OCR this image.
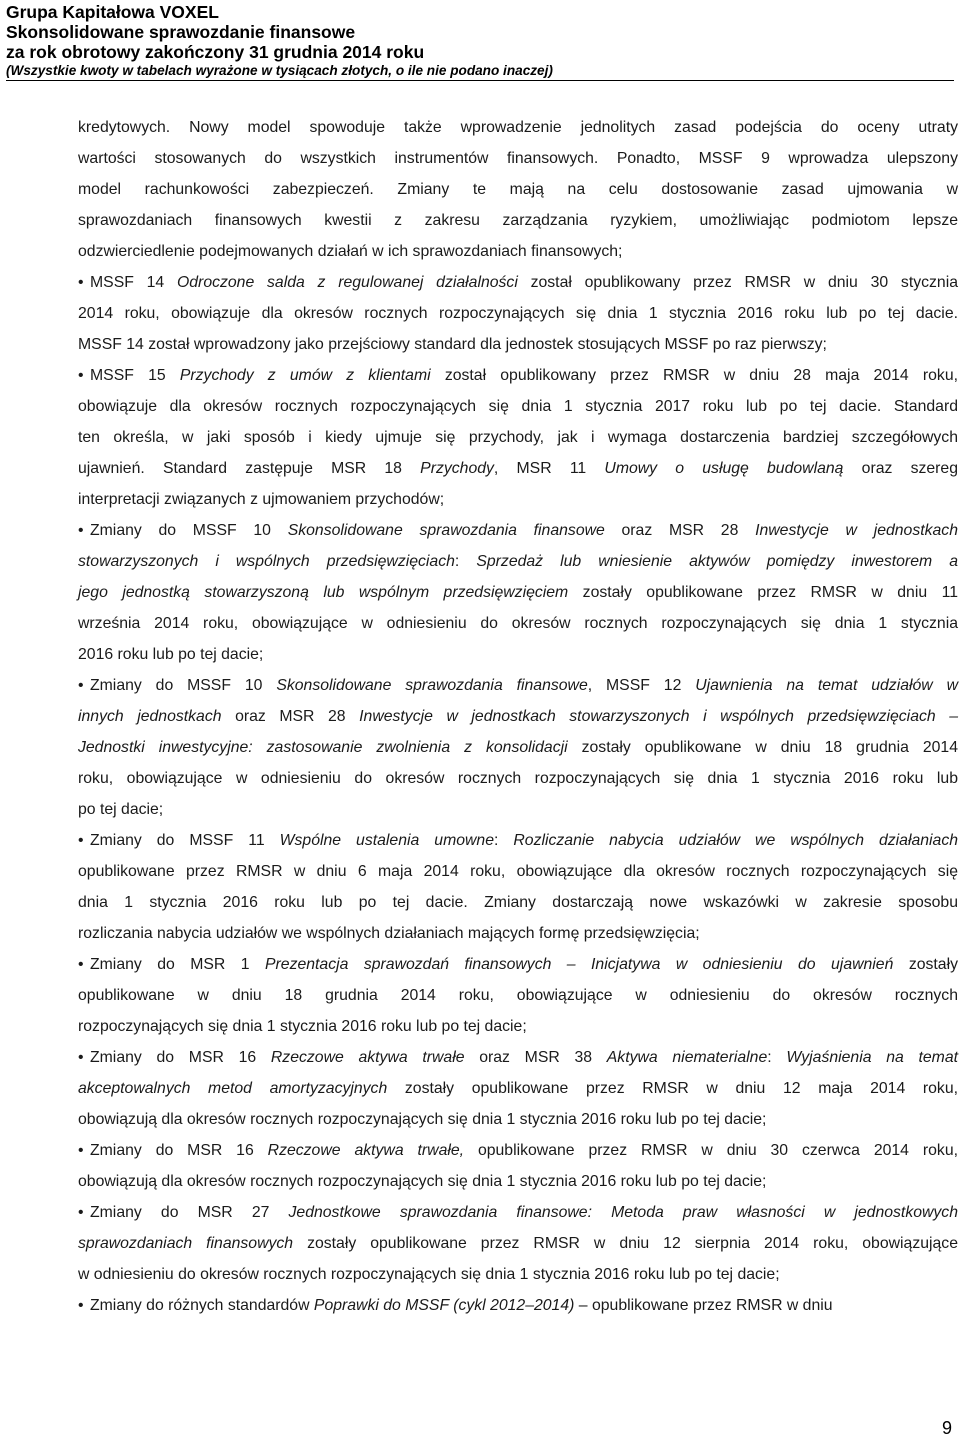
Grupa Kapitałowa VOXEL
Skonsolidowane sprawozdanie finansowe
za rok obrotowy zakończony 31 grudnia 2014 roku
(Wszystkie kwoty w tabelach wyrażone w tysiącach złotych, o ile nie podano inaczej)
kredytowych. Nowy model spowoduje także wprowadzenie jednolitych zasad podejścia do oceny utraty
wartości stosowanych do wszystkich instrumentów finansowych. Ponadto, MSSF 9 wprowadza ulepszony
model rachunkowości zabezpieczeń. Zmiany te mają na celu dostosowanie zasad ujmowania w
sprawozdaniach finansowych kwestii z zakresu zarządzania ryzykiem, umożliwiając podmiotom lepsze
odzwierciedlenie podejmowanych działań w ich sprawozdaniach finansowych;
• MSSF 14 Odroczone salda z regulowanej działalności został opublikowany przez RMSR w dniu 30 stycznia
2014 roku, obowiązuje dla okresów rocznych rozpoczynających się dnia 1 stycznia 2016 roku lub po tej dacie.
MSSF 14 został wprowadzony jako przejściowy standard dla jednostek stosujących MSSF po raz pierwszy;
• MSSF 15 Przychody z umów z klientami został opublikowany przez RMSR w dniu 28 maja 2014 roku,
obowiązuje dla okresów rocznych rozpoczynających się dnia 1 stycznia 2017 roku lub po tej dacie. Standard
ten określa, w jaki sposób i kiedy ujmuje się przychody, jak i wymaga dostarczenia bardziej szczegółowych
ujawnień. Standard zastępuje MSR 18 Przychody, MSR 11 Umowy o usługę budowlaną oraz szereg
interpretacji związanych z ujmowaniem przychodów;
• Zmiany do MSSF 10 Skonsolidowane sprawozdania finansowe oraz MSR 28 Inwestycje w jednostkach
stowarzyszonych i wspólnych przedsięwzięciach: Sprzedaż lub wniesienie aktywów pomiędzy inwestorem a
jego jednostką stowarzyszoną lub wspólnym przedsięwzięciem zostały opublikowane przez RMSR w dniu 11
września 2014 roku, obowiązujące w odniesieniu do okresów rocznych rozpoczynających się dnia 1 stycznia
2016 roku lub po tej dacie;
• Zmiany do MSSF 10 Skonsolidowane sprawozdania finansowe, MSSF 12 Ujawnienia na temat udziałów w
innych jednostkach oraz MSR 28 Inwestycje w jednostkach stowarzyszonych i wspólnych przedsięwzięciach –
Jednostki inwestycyjne: zastosowanie zwolnienia z konsolidacji zostały opublikowane w dniu 18 grudnia 2014
roku, obowiązujące w odniesieniu do okresów rocznych rozpoczynających się dnia 1 stycznia 2016 roku lub
po tej dacie;
• Zmiany do MSSF 11 Wspólne ustalenia umowne: Rozliczanie nabycia udziałów we wspólnych działaniach
opublikowane przez RMSR w dniu 6 maja 2014 roku, obowiązujące dla okresów rocznych rozpoczynających się
dnia 1 stycznia 2016 roku lub po tej dacie. Zmiany dostarczają nowe wskazówki w zakresie sposobu
rozliczania nabycia udziałów we wspólnych działaniach mających formę przedsięwzięcia;
• Zmiany do MSR 1 Prezentacja sprawozdań finansowych – Inicjatywa w odniesieniu do ujawnień zostały
opublikowane w dniu 18 grudnia 2014 roku, obowiązujące w odniesieniu do okresów rocznych
rozpoczynających się dnia 1 stycznia 2016 roku lub po tej dacie;
• Zmiany do MSR 16 Rzeczowe aktywa trwałe oraz MSR 38 Aktywa niematerialne: Wyjaśnienia na temat
akceptowalnych metod amortyzacyjnych zostały opublikowane przez RMSR w dniu 12 maja 2014 roku,
obowiązują dla okresów rocznych rozpoczynających się dnia 1 stycznia 2016 roku lub po tej dacie;
• Zmiany do MSR 16 Rzeczowe aktywa trwałe, opublikowane przez RMSR w dniu 30 czerwca 2014 roku,
obowiązują dla okresów rocznych rozpoczynających się dnia 1 stycznia 2016 roku lub po tej dacie;
• Zmiany do MSR 27 Jednostkowe sprawozdania finansowe: Metoda praw własności w jednostkowych
sprawozdaniach finansowych zostały opublikowane przez RMSR w dniu 12 sierpnia 2014 roku, obowiązujące
w odniesieniu do okresów rocznych rozpoczynających się dnia 1 stycznia 2016 roku lub po tej dacie;
• Zmiany do różnych standardów Poprawki do MSSF (cykl 2012–2014) – opublikowane przez RMSR w dniu
9
